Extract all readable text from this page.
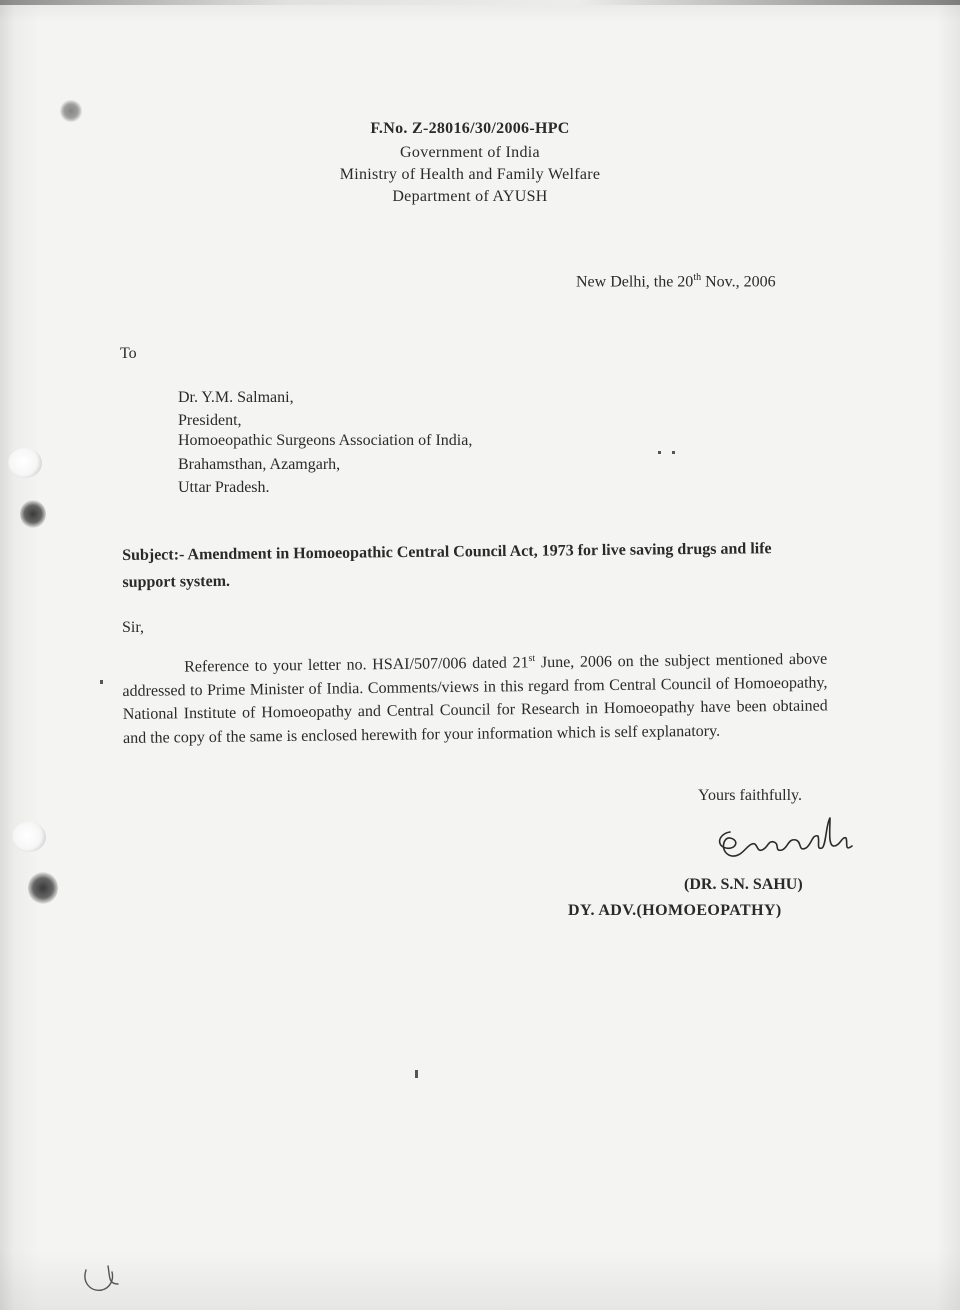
F.No. Z-28016/30/2006-HPC
Government of India
Ministry of Health and Family Welfare
Department of AYUSH
New Delhi, the 20th Nov., 2006
To
Dr. Y.M. Salmani,
President,
Homoeopathic Surgeons Association of India,
Brahamsthan, Azamgarh,
Uttar Pradesh.
Subject:- Amendment in Homoeopathic Central Council Act, 1973 for live saving drugs and life support system.
Sir,
Reference to your letter no. HSAI/507/006 dated 21st June, 2006 on the subject mentioned above addressed to Prime Minister of India. Comments/views in this regard from Central Council of Homoeopathy, National Institute of Homoeopathy and Central Council for Research in Homoeopathy have been obtained and the copy of the same is enclosed herewith for your information which is self explanatory.
Yours faithfully.
(DR. S.N. SAHU)
DY. ADV.(HOMOEOPATHY)
